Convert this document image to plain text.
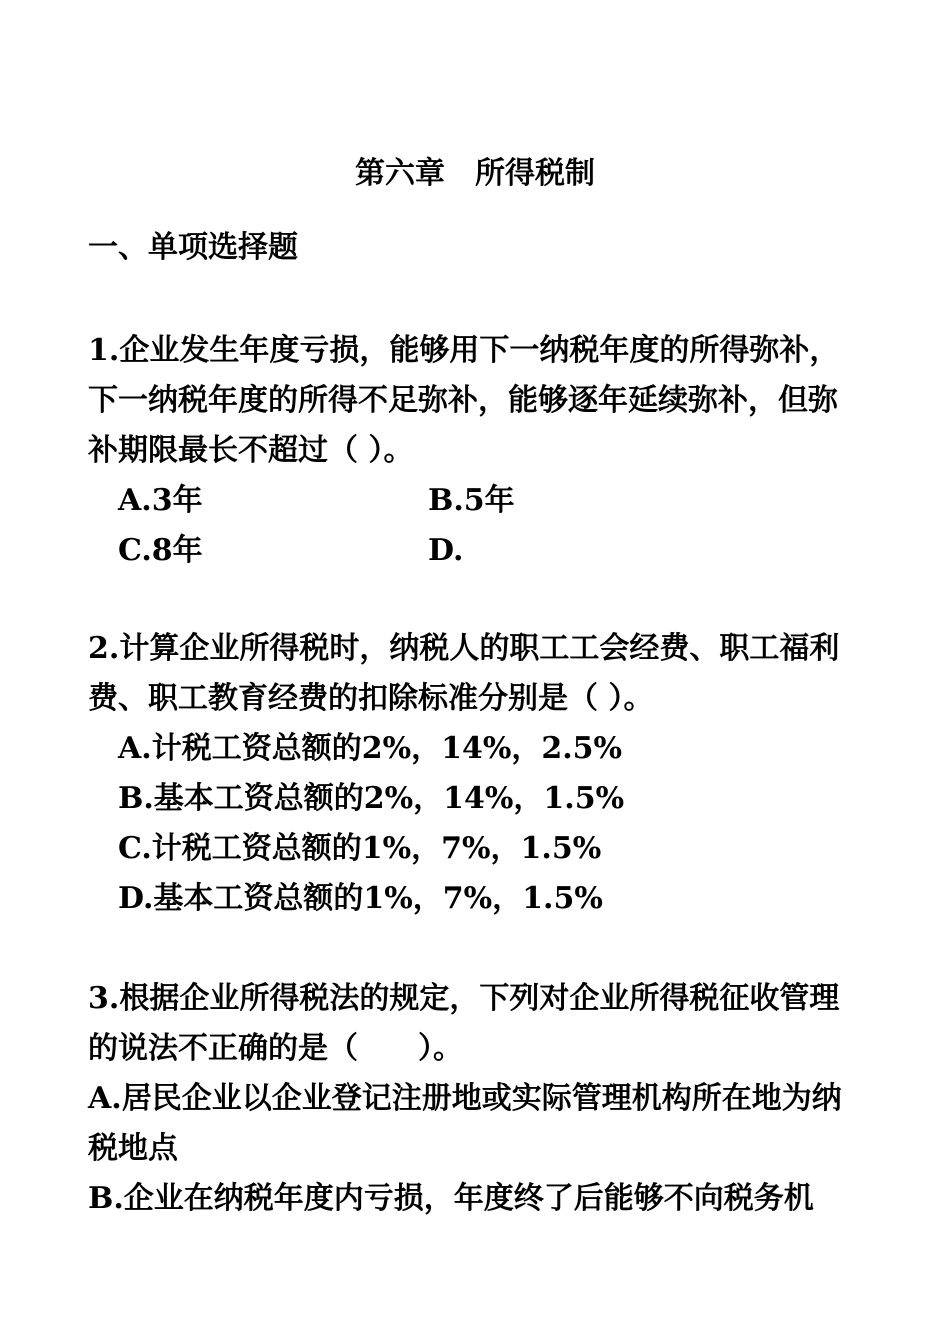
第六章　所得税制
一、单项选择题

1.企业发生年度亏损，能够用下一纳税年度的所得弥补，下一纳税年度的所得不足弥补，能够逐年延续弥补，但弥补期限最长不超过（ ）。

A.3年	B.5年
C.8年	D.

2.计算企业所得税时，纳税人的职工工会经费、职工福利费、职工教育经费的扣除标准分别是（ ）。

A.计税工资总额的2%，14%，2.5%
B.基本工资总额的2%，14%，1.5%
C.计税工资总额的1%，7%，1.5%
D.基本工资总额的1%，7%，1.5%

3.根据企业所得税法的规定，下列对企业所得税征收管理的说法不正确的是（　　）。

A.居民企业以企业登记注册地或实际管理机构所在地为纳税地点
B.企业在纳税年度内亏损，年度终了后能够不向税务机
